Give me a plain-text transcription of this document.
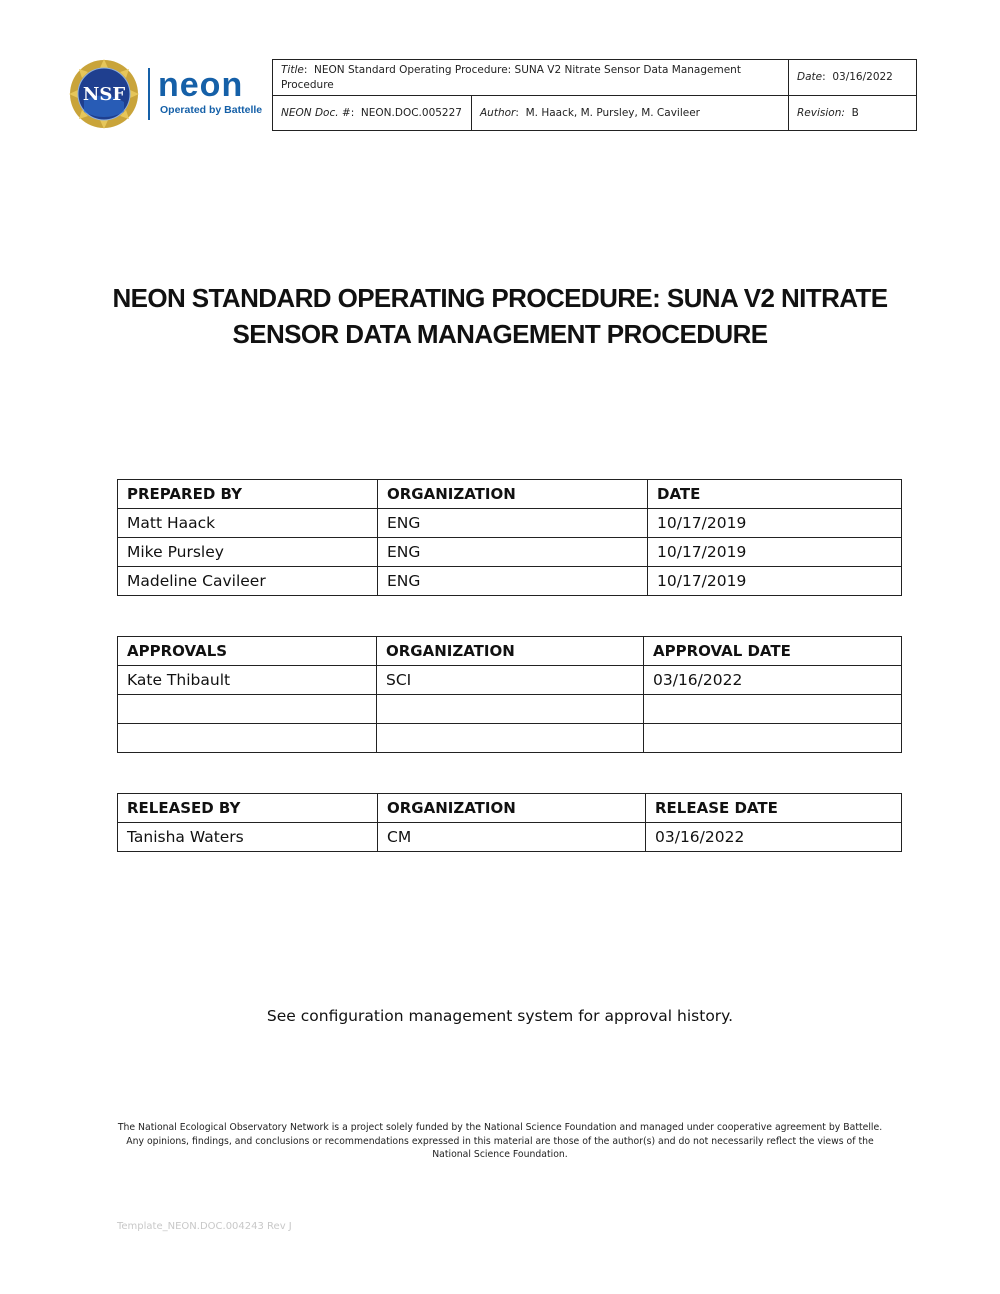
NSF neon
Operated by Battelle
Title:  NEON Standard Operating Procedure: SUNA V2 Nitrate Sensor Data Management Procedure		Date:  03/16/2022
NEON Doc. #:  NEON.DOC.005227	Author:  M. Haack, M. Pursley, M. Cavileer	Revision: B
NEON STANDARD OPERATING PROCEDURE: SUNA V2 NITRATE
SENSOR DATA MANAGEMENT PROCEDURE
PREPARED BY	ORGANIZATION	DATE
Matt Haack	ENG	10/17/2019
Mike Pursley	ENG	10/17/2019
Madeline Cavileer	ENG	10/17/2019
APPROVALS	ORGANIZATION	APPROVAL DATE
Kate Thibault	SCI	03/16/2022

RELEASED BY	ORGANIZATION	RELEASE DATE
Tanisha Waters	CM	03/16/2022
See configuration management system for approval history.
The National Ecological Observatory Network is a project solely funded by the National Science Foundation and managed under cooperative agreement by Battelle.
Any opinions, findings, and conclusions or recommendations expressed in this material are those of the author(s) and do not necessarily reflect the views of the
National Science Foundation.
Template_NEON.DOC.004243 Rev J
